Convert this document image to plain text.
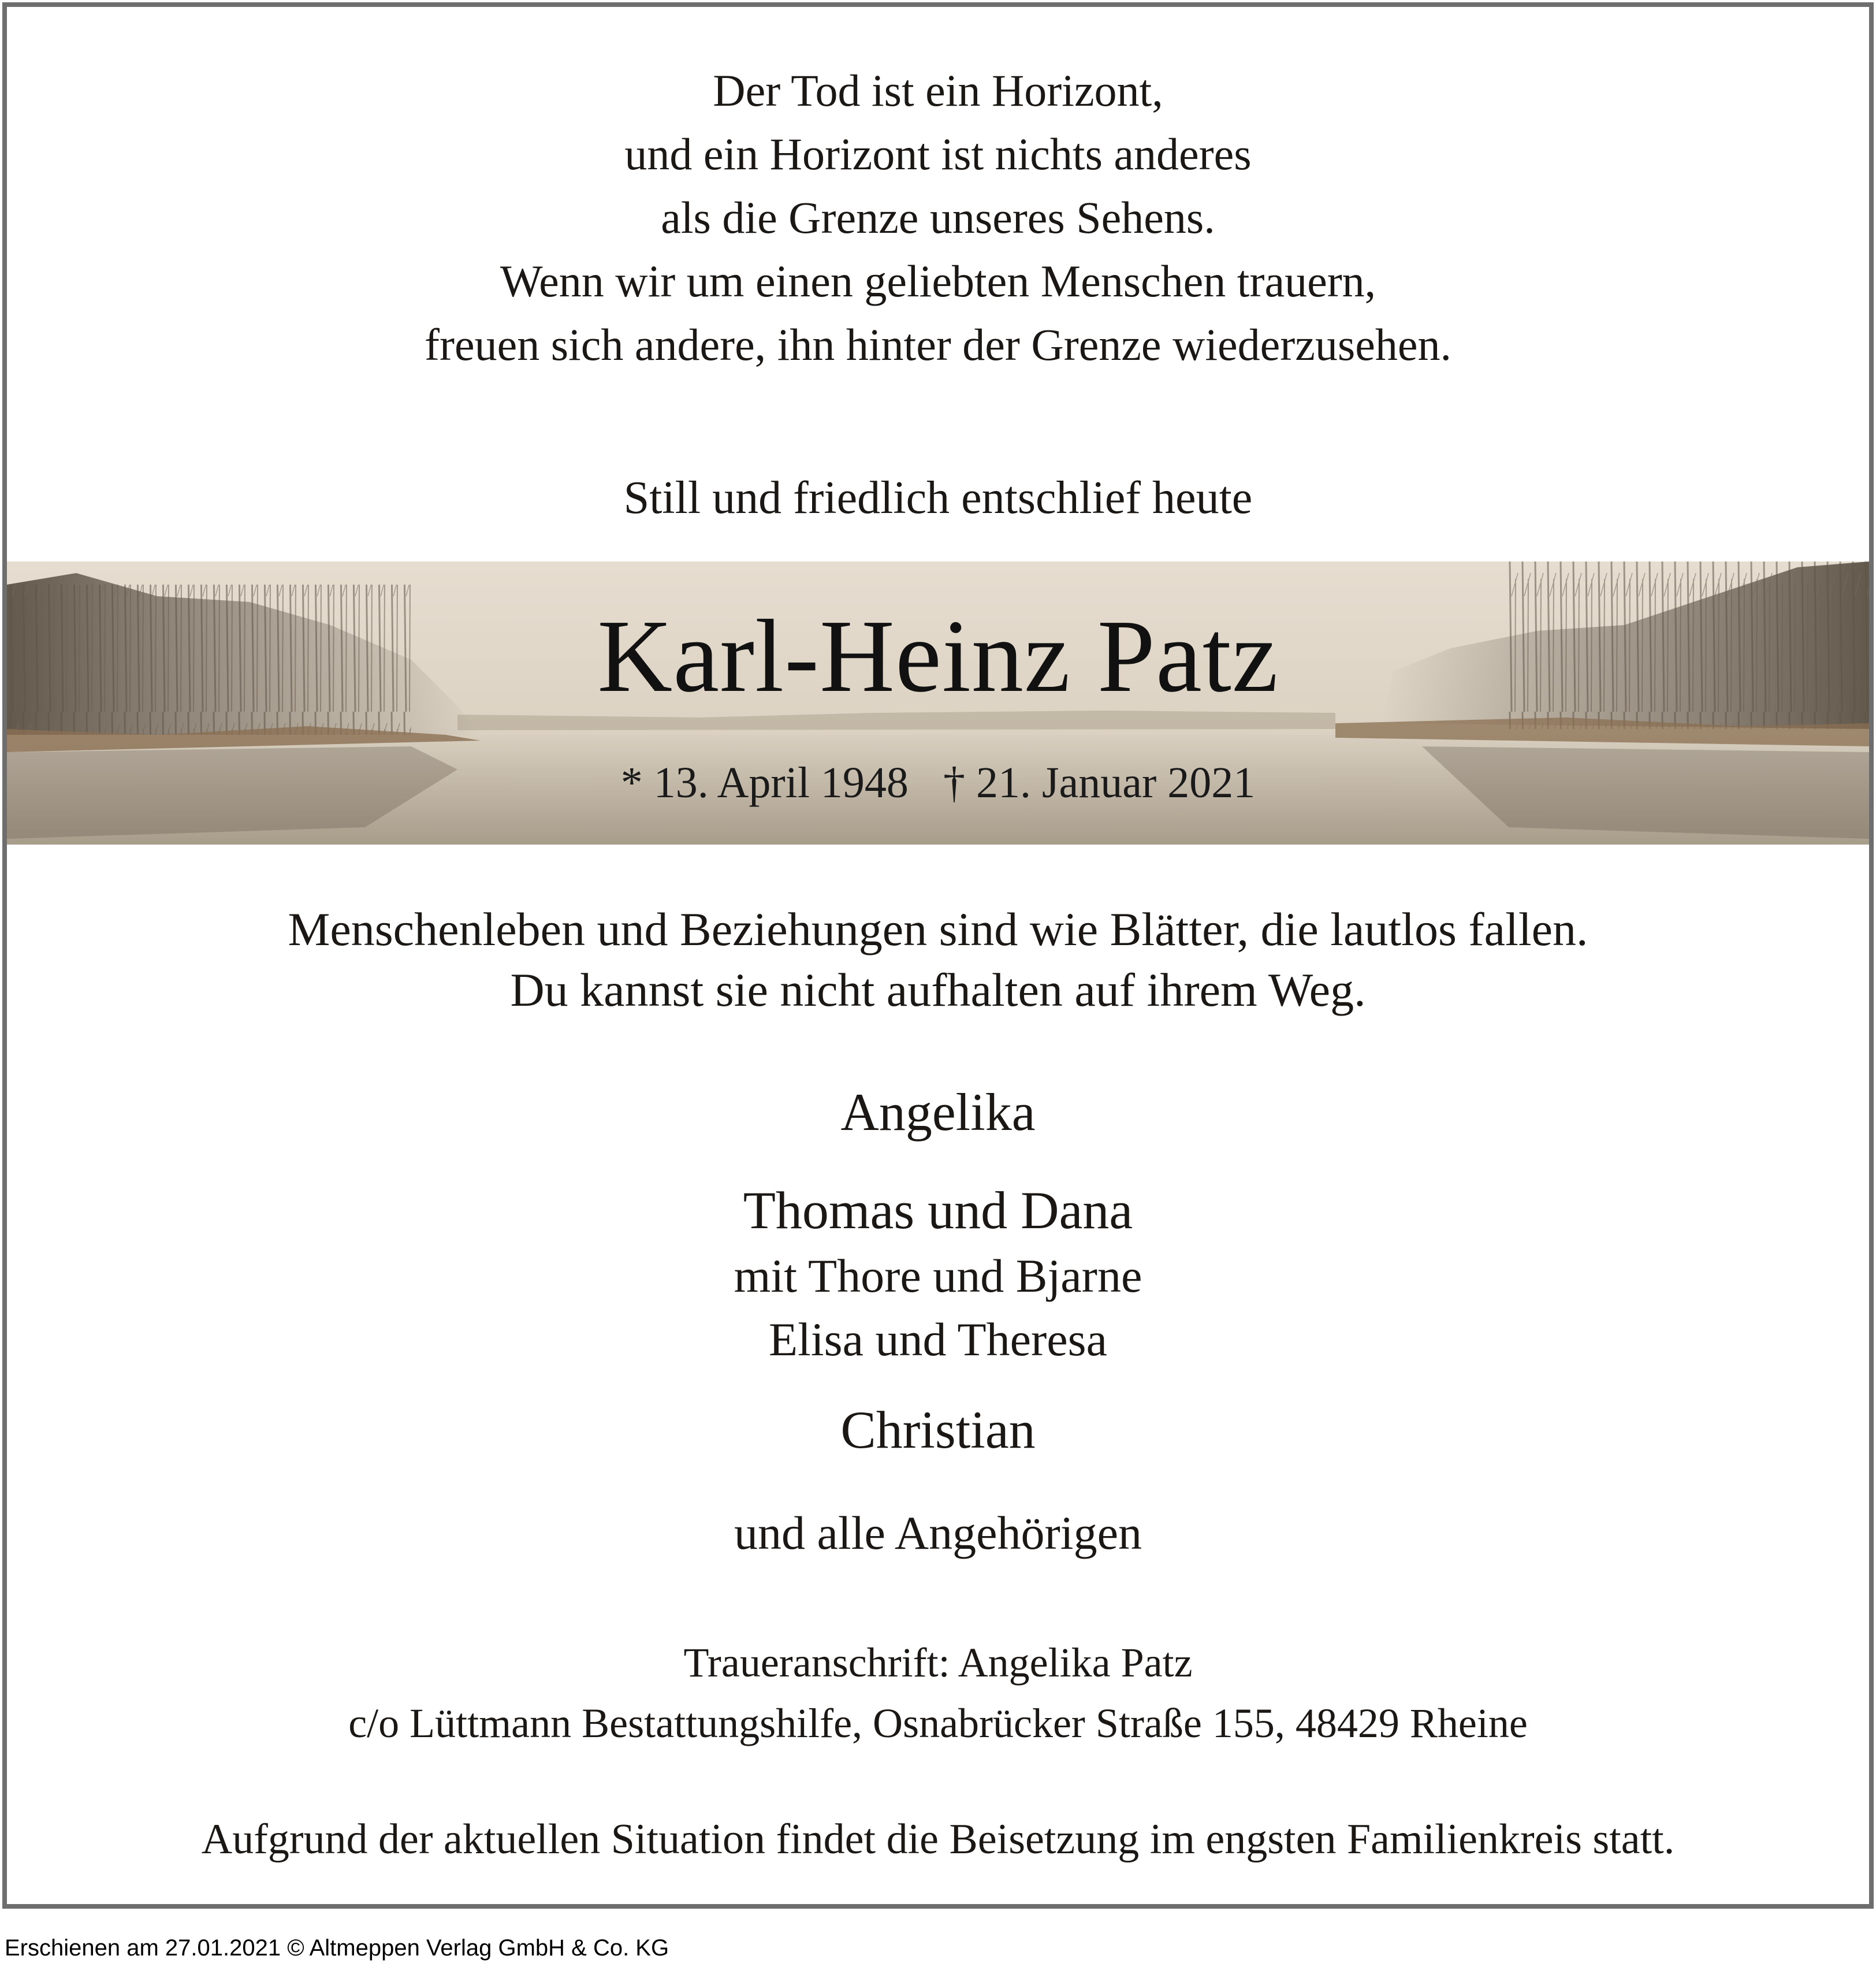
Der Tod ist ein Horizont,
und ein Horizont ist nichts anderes
als die Grenze unseres Sehens.
Wenn wir um einen geliebten Menschen trauern,
freuen sich andere, ihn hinter der Grenze wiederzusehen.
Still und friedlich entschlief heute
Karl-Heinz Patz
* 13. April 1948 † 21. Januar 2021
Menschenleben und Beziehungen sind wie Blätter, die lautlos fallen.
Du kannst sie nicht aufhalten auf ihrem Weg.
Angelika
Thomas und Dana
mit Thore und Bjarne
Elisa und Theresa
Christian
und alle Angehörigen
Traueranschrift: Angelika Patz
c/o Lüttmann Bestattungshilfe, Osnabrücker Straße 155, 48429 Rheine
Aufgrund der aktuellen Situation findet die Beisetzung im engsten Familienkreis statt.
Erschienen am 27.01.2021 © Altmeppen Verlag GmbH & Co. KG
